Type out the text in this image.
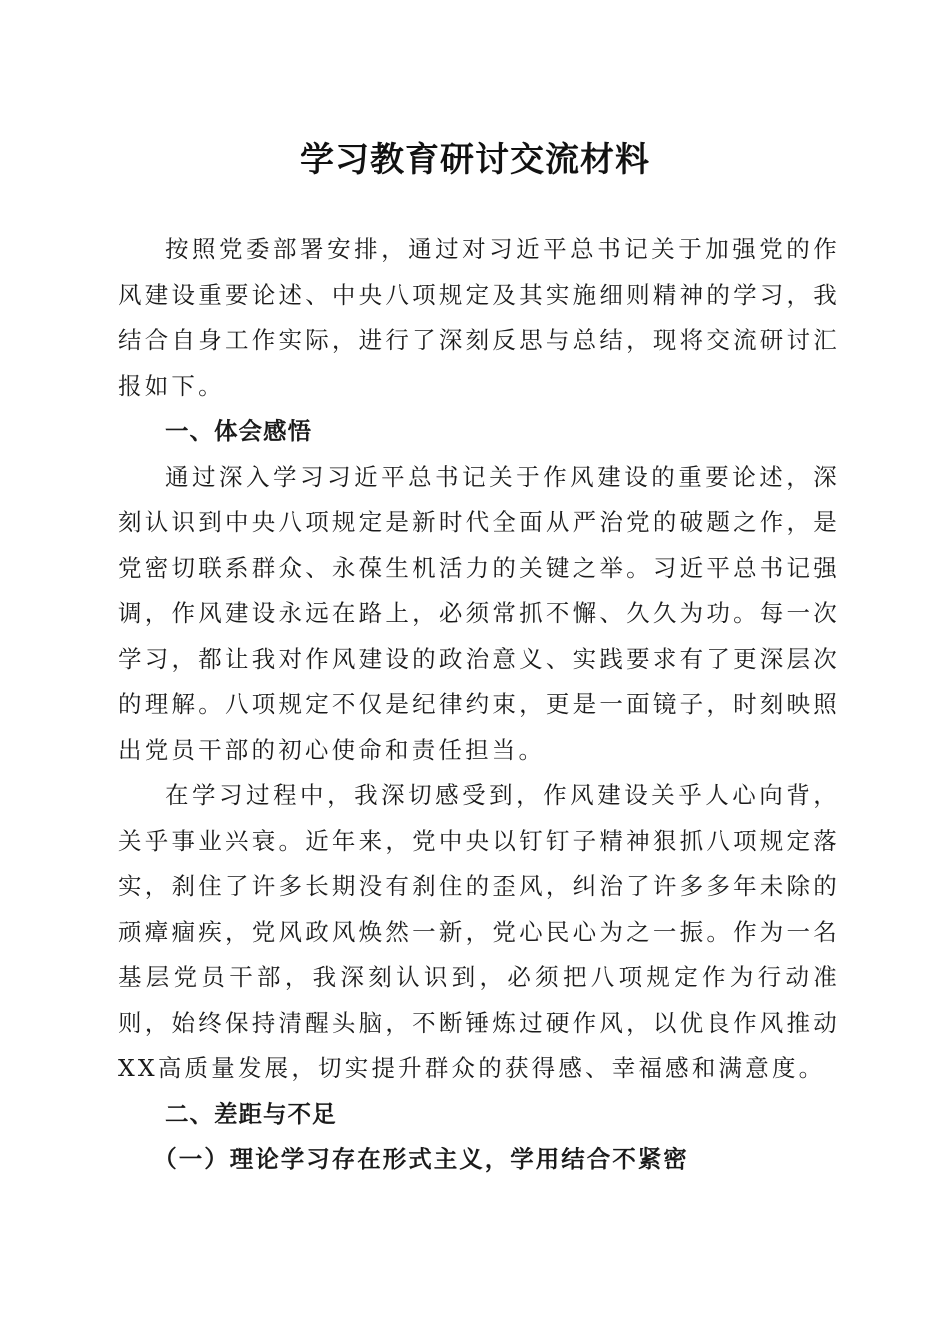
学习教育研讨交流材料

按照党委部署安排，通过对习近平总书记关于加强党的作风建设重要论述、中央八项规定及其实施细则精神的学习，我结合自身工作实际，进行了深刻反思与总结，现将交流研讨汇报如下。

一、体会感悟

通过深入学习习近平总书记关于作风建设的重要论述，深刻认识到中央八项规定是新时代全面从严治党的破题之作，是党密切联系群众、永葆生机活力的关键之举。习近平总书记强调，作风建设永远在路上，必须常抓不懈、久久为功。每一次学习，都让我对作风建设的政治意义、实践要求有了更深层次的理解。八项规定不仅是纪律约束，更是一面镜子，时刻映照出党员干部的初心使命和责任担当。

在学习过程中，我深切感受到，作风建设关乎人心向背，关乎事业兴衰。近年来，党中央以钉钉子精神狠抓八项规定落实，刹住了许多长期没有刹住的歪风，纠治了许多多年未除的顽瘴痼疾，党风政风焕然一新，党心民心为之一振。作为一名基层党员干部，我深刻认识到，必须把八项规定作为行动准则，始终保持清醒头脑，不断锤炼过硬作风，以优良作风推动XX高质量发展，切实提升群众的获得感、幸福感和满意度。

二、差距与不足

（一）理论学习存在形式主义，学用结合不紧密
